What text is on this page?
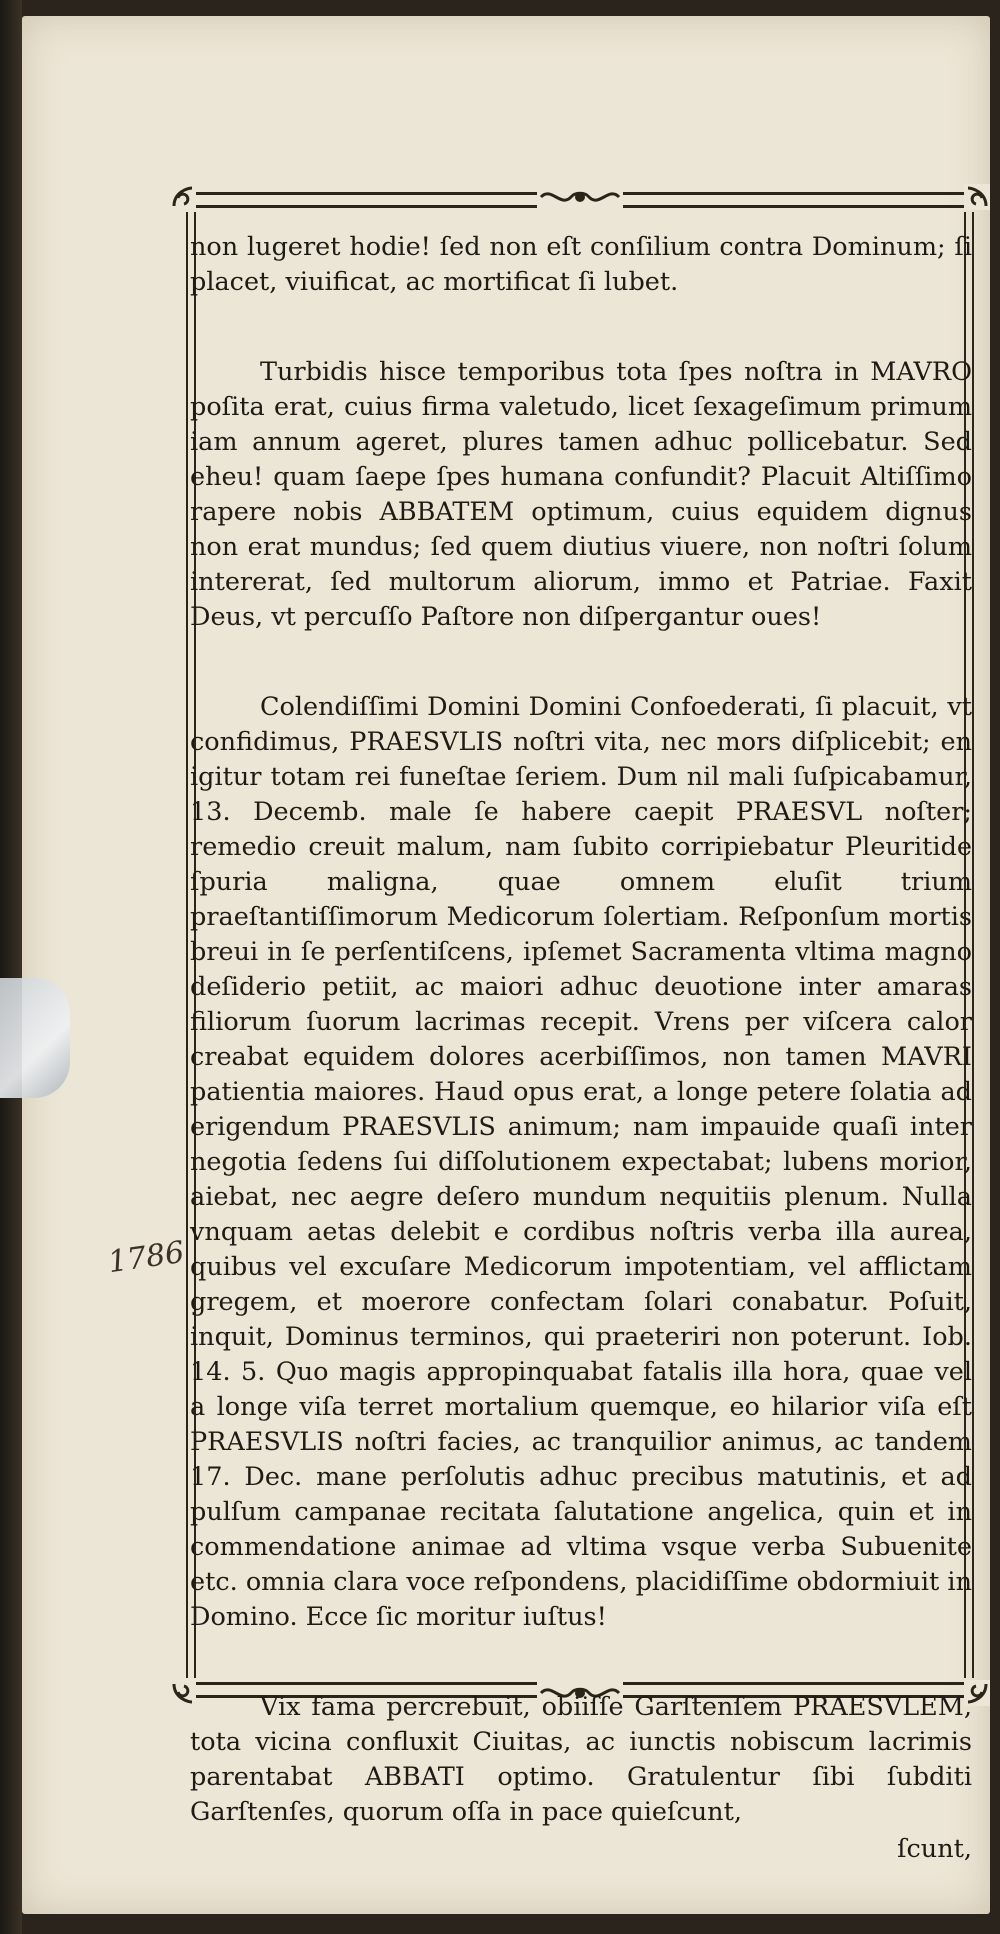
non lugeret hodie! ſed non eſt conſilium contra Dominum; ſi placet, viuificat, ac mortificat ſi lubet.

Turbidis hisce temporibus tota ſpes noſtra in MAVRO poſita erat, cuius firma valetudo, licet ſexageſimum primum iam annum ageret, plures tamen adhuc pollicebatur. Sed eheu! quam ſaepe ſpes humana confundit? Placuit Altiſſimo rapere nobis ABBATEM optimum, cuius equidem dignus non erat mundus; ſed quem diutius viuere, non noſtri ſolum intererat, ſed multorum aliorum, immo et Patriae. Faxit Deus, vt percuſſo Paſtore non diſpergantur oues!

Colendiſſimi Domini Domini Confoederati, ſi placuit, vt confidimus, PRAESVLIS noſtri vita, nec mors diſplicebit; en igitur totam rei funeſtae ſeriem. Dum nil mali ſuſpicabamur, 13. Decemb. male ſe habere caepit PRAESVL noſter; remedio creuit malum, nam ſubito corripiebatur Pleuritide ſpuria maligna, quae omnem eluſit trium praeſtantiſſimorum Medicorum ſolertiam. Reſponſum mortis breui in ſe perſentiſcens, ipſemet Sacramenta vltima magno deſiderio petiit, ac maiori adhuc deuotione inter amaras filiorum ſuorum lacrimas recepit. Vrens per viſcera calor creabat equidem dolores acerbiſſimos, non tamen MAVRI patientia maiores. Haud opus erat, a longe petere ſolatia ad erigendum PRAESVLIS animum; nam impauide quaſi inter negotia ſedens ſui diſſolutionem expectabat; lubens morior, aiebat, nec aegre deſero mundum nequitiis plenum. Nulla vnquam aetas delebit e cordibus noſtris verba illa aurea, quibus vel excuſare Medicorum impotentiam, vel afflictam gregem, et moerore confectam ſolari conabatur. Poſuit, inquit, Dominus terminos, qui praeteriri non poterunt. Iob. 14. 5. Quo magis appropinquabat fatalis illa hora, quae vel a longe viſa terret mortalium quemque, eo hilarior viſa eſt PRAESVLIS noſtri facies, ac tranquilior animus, ac tandem 17. Dec. mane perſolutis adhuc precibus matutinis, et ad pulſum campanae recitata ſalutatione angelica, quin et in commendatione animae ad vltima vsque verba Subuenite etc. omnia clara voce reſpondens, placidiſſime obdormiuit in Domino. Ecce ſic moritur iuſtus!

Vix fama percrebuit, obiiſſe Garſtenſem PRAESVLEM, tota vicina confluxit Ciuitas, ac iunctis nobiscum lacrimis parentabat ABBATI optimo. Gratulentur ſibi ſubditi Garſtenſes, quorum oſſa in pace quieſcunt,

ſcunt,
1786
